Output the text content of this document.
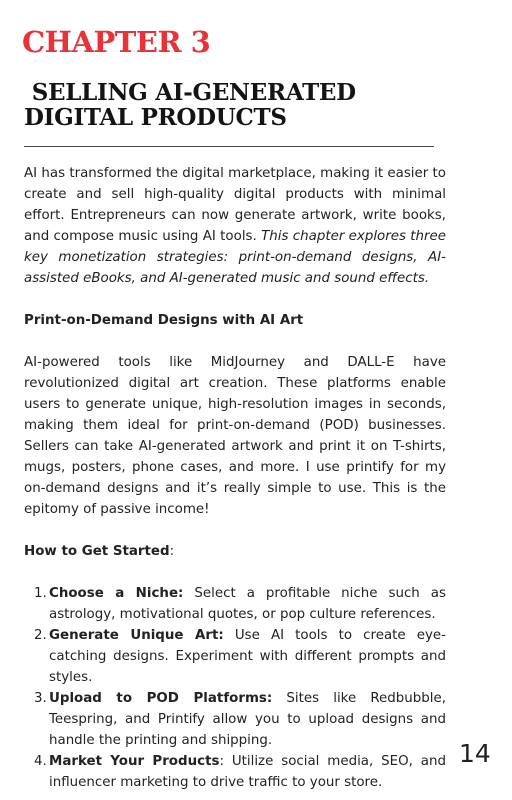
CHAPTER 3
SELLING AI-GENERATED
DIGITAL PRODUCTS

AI has transformed the digital marketplace, making it easier to create and sell high-quality digital products with minimal effort. Entrepreneurs can now generate artwork, write books, and compose music using AI tools. This chapter explores three key monetization strategies: print-on-demand designs, AI-assisted eBooks, and AI-generated music and sound effects.

Print-on-Demand Designs with AI Art

AI-powered tools like MidJourney and DALL-E have revolutionized digital art creation. These platforms enable users to generate unique, high-resolution images in seconds, making them ideal for print-on-demand (POD) businesses. Sellers can take AI-generated artwork and print it on T-shirts, mugs, posters, phone cases, and more. I use printify for my on-demand designs and it’s really simple to use. This is the epitomy of passive income!

How to Get Started:

1. Choose a Niche: Select a profitable niche such as astrology, motivational quotes, or pop culture references.
2. Generate Unique Art: Use AI tools to create eye-catching designs. Experiment with different prompts and styles.
3. Upload to POD Platforms: Sites like Redbubble, Teespring, and Printify allow you to upload designs and handle the printing and shipping.
4. Market Your Products: Utilize social media, SEO, and influencer marketing to drive traffic to your store.
14
